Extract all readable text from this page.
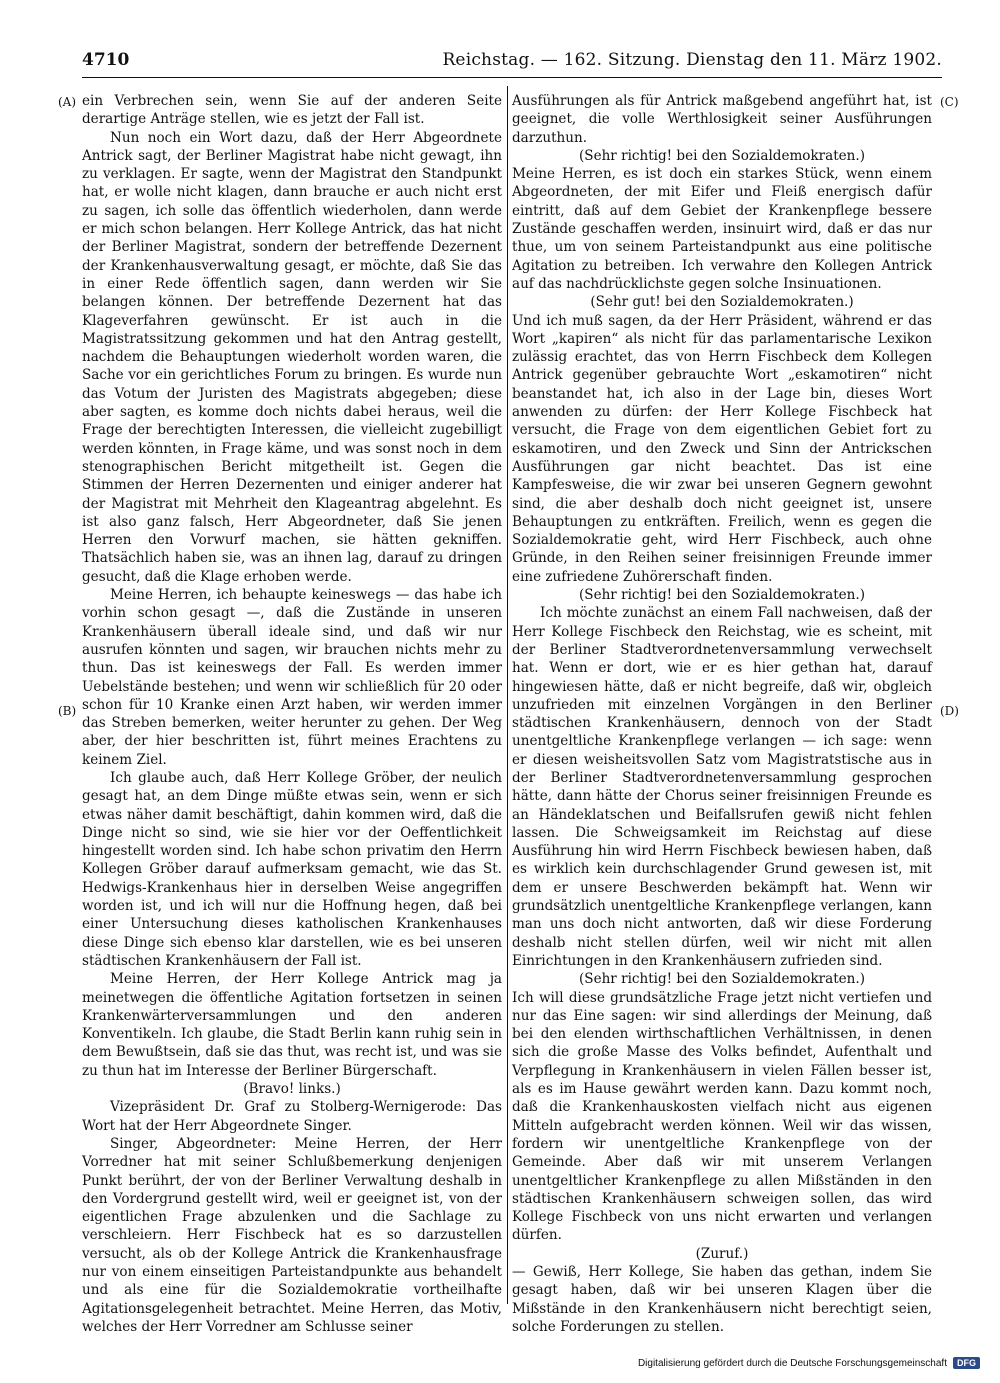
4710	Reichstag. — 162. Sitzung. Dienstag den 11. März 1902.
(A)
(B)
(C)
(D)

ein Verbrechen sein, wenn Sie auf der anderen Seite derartige Anträge stellen, wie es jetzt der Fall ist.

Nun noch ein Wort dazu, daß der Herr Abgeordnete Antrick sagt, der Berliner Magistrat habe nicht gewagt, ihn zu verklagen. Er sagte, wenn der Magistrat den Standpunkt hat, er wolle nicht klagen, dann brauche er auch nicht erst zu sagen, ich solle das öffentlich wiederholen, dann werde er mich schon belangen. Herr Kollege Antrick, das hat nicht der Berliner Magistrat, sondern der betreffende Dezernent der Krankenhausverwaltung gesagt, er möchte, daß Sie das in einer Rede öffentlich sagen, dann werden wir Sie belangen können. Der betreffende Dezernent hat das Klageverfahren gewünscht. Er ist auch in die Magistratssitzung gekommen und hat den Antrag gestellt, nachdem die Behauptungen wiederholt worden waren, die Sache vor ein gerichtliches Forum zu bringen. Es wurde nun das Votum der Juristen des Magistrats abgegeben; diese aber sagten, es komme doch nichts dabei heraus, weil die Frage der berechtigten Interessen, die vielleicht zugebilligt werden könnten, in Frage käme, und was sonst noch in dem stenographischen Bericht mitgetheilt ist. Gegen die Stimmen der Herren Dezernenten und einiger anderer hat der Magistrat mit Mehrheit den Klageantrag abgelehnt. Es ist also ganz falsch, Herr Abgeordneter, daß Sie jenen Herren den Vorwurf machen, sie hätten gekniffen. Thatsächlich haben sie, was an ihnen lag, darauf zu dringen gesucht, daß die Klage erhoben werde.

Meine Herren, ich behaupte keineswegs — das habe ich vorhin schon gesagt —, daß die Zustände in unseren Krankenhäusern überall ideale sind, und daß wir nur ausrufen könnten und sagen, wir brauchen nichts mehr zu thun. Das ist keineswegs der Fall. Es werden immer Uebelstände bestehen; und wenn wir schließlich für 20 oder schon für 10 Kranke einen Arzt haben, wir werden immer das Streben bemerken, weiter herunter zu gehen. Der Weg aber, der hier beschritten ist, führt meines Erachtens zu keinem Ziel.

Ich glaube auch, daß Herr Kollege Gröber, der neulich gesagt hat, an dem Dinge müßte etwas sein, wenn er sich etwas näher damit beschäftigt, dahin kommen wird, daß die Dinge nicht so sind, wie sie hier vor der Oeffentlichkeit hingestellt worden sind. Ich habe schon privatim den Herrn Kollegen Gröber darauf aufmerksam gemacht, wie das St. Hedwigs-Krankenhaus hier in derselben Weise angegriffen worden ist, und ich will nur die Hoffnung hegen, daß bei einer Untersuchung dieses katholischen Krankenhauses diese Dinge sich ebenso klar darstellen, wie es bei unseren städtischen Krankenhäusern der Fall ist.

Meine Herren, der Herr Kollege Antrick mag ja meinetwegen die öffentliche Agitation fortsetzen in seinen Krankenwärterversammlungen und den anderen Konventikeln. Ich glaube, die Stadt Berlin kann ruhig sein in dem Bewußtsein, daß sie das thut, was recht ist, und was sie zu thun hat im Interesse der Berliner Bürgerschaft.

(Bravo! links.)

Vizepräsident Dr. Graf zu Stolberg-Wernigerode: Das Wort hat der Herr Abgeordnete Singer.

Singer, Abgeordneter: Meine Herren, der Herr Vorredner hat mit seiner Schlußbemerkung denjenigen Punkt berührt, der von der Berliner Verwaltung deshalb in den Vordergrund gestellt wird, weil er geeignet ist, von der eigentlichen Frage abzulenken und die Sachlage zu verschleiern. Herr Fischbeck hat es so darzustellen versucht, als ob der Kollege Antrick die Krankenhausfrage nur von einem einseitigen Parteistandpunkte aus behandelt und als eine für die Sozialdemokratie vortheilhafte Agitationsgelegenheit betrachtet. Meine Herren, das Motiv, welches der Herr Vorredner am Schlusse seiner

Ausführungen als für Antrick maßgebend angeführt hat, ist geeignet, die volle Werthlosigkeit seiner Ausführungen darzuthun.

(Sehr richtig! bei den Sozialdemokraten.)

Meine Herren, es ist doch ein starkes Stück, wenn einem Abgeordneten, der mit Eifer und Fleiß energisch dafür eintritt, daß auf dem Gebiet der Krankenpflege bessere Zustände geschaffen werden, insinuirt wird, daß er das nur thue, um von seinem Parteistandpunkt aus eine politische Agitation zu betreiben. Ich verwahre den Kollegen Antrick auf das nachdrücklichste gegen solche Insinuationen.

(Sehr gut! bei den Sozialdemokraten.)

Und ich muß sagen, da der Herr Präsident, während er das Wort „kapiren“ als nicht für das parlamentarische Lexikon zulässig erachtet, das von Herrn Fischbeck dem Kollegen Antrick gegenüber gebrauchte Wort „eskamotiren“ nicht beanstandet hat, ich also in der Lage bin, dieses Wort anwenden zu dürfen: der Herr Kollege Fischbeck hat versucht, die Frage von dem eigentlichen Gebiet fort zu eskamotiren, und den Zweck und Sinn der Antrickschen Ausführungen gar nicht beachtet. Das ist eine Kampfesweise, die wir zwar bei unseren Gegnern gewohnt sind, die aber deshalb doch nicht geeignet ist, unsere Behauptungen zu entkräften. Freilich, wenn es gegen die Sozialdemokratie geht, wird Herr Fischbeck, auch ohne Gründe, in den Reihen seiner freisinnigen Freunde immer eine zufriedene Zuhörerschaft finden.

(Sehr richtig! bei den Sozialdemokraten.)

Ich möchte zunächst an einem Fall nachweisen, daß der Herr Kollege Fischbeck den Reichstag, wie es scheint, mit der Berliner Stadtverordnetenversammlung verwechselt hat. Wenn er dort, wie er es hier gethan hat, darauf hingewiesen hätte, daß er nicht begreife, daß wir, obgleich unzufrieden mit einzelnen Vorgängen in den Berliner städtischen Krankenhäusern, dennoch von der Stadt unentgeltliche Krankenpflege verlangen — ich sage: wenn er diesen weisheitsvollen Satz vom Magistratstische aus in der Berliner Stadtverordnetenversammlung gesprochen hätte, dann hätte der Chorus seiner freisinnigen Freunde es an Händeklatschen und Beifallsrufen gewiß nicht fehlen lassen. Die Schweigsamkeit im Reichstag auf diese Ausführung hin wird Herrn Fischbeck bewiesen haben, daß es wirklich kein durchschlagender Grund gewesen ist, mit dem er unsere Beschwerden bekämpft hat. Wenn wir grundsätzlich unentgeltliche Krankenpflege verlangen, kann man uns doch nicht antworten, daß wir diese Forderung deshalb nicht stellen dürfen, weil wir nicht mit allen Einrichtungen in den Krankenhäusern zufrieden sind.

(Sehr richtig! bei den Sozialdemokraten.)

Ich will diese grundsätzliche Frage jetzt nicht vertiefen und nur das Eine sagen: wir sind allerdings der Meinung, daß bei den elenden wirthschaftlichen Verhältnissen, in denen sich die große Masse des Volks befindet, Aufenthalt und Verpflegung in Krankenhäusern in vielen Fällen besser ist, als es im Hause gewährt werden kann. Dazu kommt noch, daß die Krankenhauskosten vielfach nicht aus eigenen Mitteln aufgebracht werden können. Weil wir das wissen, fordern wir unentgeltliche Krankenpflege von der Gemeinde. Aber daß wir mit unserem Verlangen unentgeltlicher Krankenpflege zu allen Mißständen in den städtischen Krankenhäusern schweigen sollen, das wird Kollege Fischbeck von uns nicht erwarten und verlangen dürfen.

(Zuruf.)

— Gewiß, Herr Kollege, Sie haben das gethan, indem Sie gesagt haben, daß wir bei unseren Klagen über die Mißstände in den Krankenhäusern nicht berechtigt seien, solche Forderungen zu stellen.

Digitalisierung gefördert durch die Deutsche Forschungsgemeinschaft	DFG
